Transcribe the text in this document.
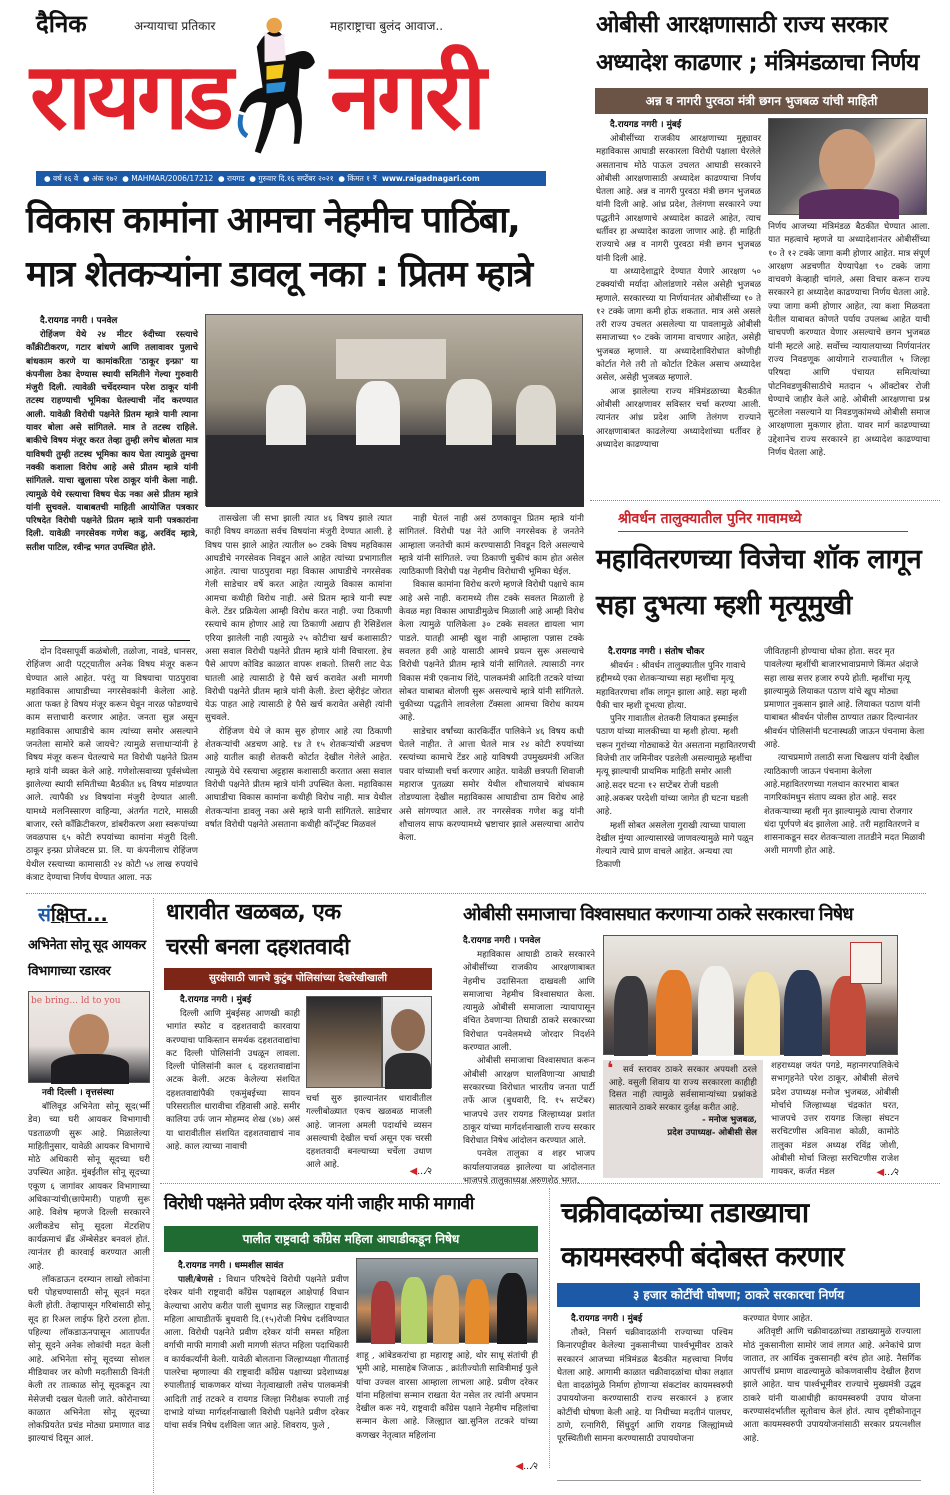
दैनिक	अन्यायाचा प्रतिकार	महाराष्ट्राचा बुलंद आवाज..
रायगड नगरी
● वर्ष १६ वे ● अंक १७२ ● MAHMAR/2006/17212 ● रायगड ● गुरुवार दि.१६ सप्टेंबर २०२१ ● किंमत १ ₹ www.raigadnagari.com
ओबीसी आरक्षणासाठी राज्य सरकार
अध्यादेश काढणार ; मंत्रिमंडळाचा निर्णय
अन्न व नागरी पुरवठा मंत्री छगन भुजबळ यांची माहिती
दै.रायगड नगरी । मुंबई

ओबीसींच्या राजकीय आरक्षणाच्या मुद्द्यावर महाविकास आघाडी सरकारला विरोधी पक्षाला घेरलेले असतानाच मोठे पाऊल उचलत आघाडी सरकारने ओबीसी आरक्षणासाठी अध्यादेश काढण्याचा निर्णय घेतला आहे. अन्न व नागरी पुरवठा मंत्री छगन भुजबळ यांनी दिली आहे. आंध्र प्रदेश, तेलंगणा सरकारने ज्या पद्धतीने आरक्षणाचे अध्यादेश काढले आहेत, त्याच धर्तीवर हा अध्यादेश काढला जाणार आहे. ही माहिती राज्याचे अन्न व नागरी पुरवठा मंत्री छगन भुजबळ यांनी दिली आहे.

या अध्यादेशाद्वारे देण्यात येणारे आरक्षण ५० टक्क्यांची मर्यादा ओलांडणारे नसेल असेही भुजबळ म्हणाले. सरकारच्या या निर्णयानंतर ओबीसींच्या १० ते १२ टक्के जागा कमी होऊ शकतात. मात्र असे असले तरी राज्य उचलत असलेल्या या पावलामुळे ओबीसी समाजाच्या ९० टक्के जागमा वाचणार आहेत, असेही भुजबळ म्हणाले. या अध्यादेशाविरोधात कोणीही कोर्टात गेले तरी तो कोर्टात टिकेल असाच अध्यादेश असेल, असेही भुजबळ म्हणाले.

आज झालेल्या राज्य मंत्रिमंडळाच्या बैठकीत ओबीसी आरक्षणावर सविस्तर चर्चा करण्या आली. त्यानंतर आंध्र प्रदेश आणि तेलंगण राज्याने आरक्षणाबाबत काढलेल्या अध्यादेशांच्या धर्तीवर हे अध्यादेश काढण्याचा

निर्णय आजच्या मंत्रिमंडळ बैठकीत घेण्यात आला. यात महत्वाचे म्हणजे या अध्यादेशानंतर ओबीसींच्या १० ते १२ टक्के जागा कमी होणार आहेत. मात्र संपूर्ण आरक्षण अडचणीत येण्यापेक्षा ९० टक्के जागा वाचवणे केव्हाही चांगले, असा विचार करून राज्य सरकारने हा अध्यादेश काढण्याचा निर्णय घेतला आहे. ज्या जागा कमी होणार आहेत, त्या कशा मिळवता येतील याबाबत कोणते पर्याय उपलब्ध आहेत याची चाचपणी करण्यात येणार असल्याचे छगन भुजबळ यांनी म्हटले आहे. सर्वोच्च न्यायालयाच्या निर्णयानंतर राज्य निवडणूक आयोगाने राज्यातील ५ जिल्हा परिषदा आणि पंचायत समित्यांच्या पोटनिवडणुकीसाठीचे मतदान ५ ऑक्टोबर रोजी घेण्याचे जाहीर केले आहे. ओबीसी आरक्षणाचा प्रश्न सुटलेला नसल्याने या निवडणुकांमध्ये ओबीसी समाज आरक्षणाला मुकणार होता. यावर मार्ग काढण्याच्या उद्देशानेच राज्य सरकारने हा अध्यादेश काढण्याचा निर्णय घेतला आहे.
विकास कामांना आमचा नेहमीच पाठिंबा,
मात्र शेतकऱ्यांना डावलू नका : प्रितम म्हात्रे
दै.रायगड नगरी । पनवेल

रोहिंजण येथे २४ मीटर रुंदीच्या रस्त्याचे काँक्रीटीकरण, गटार बांधणे आणि तलावावर पुलाचे बांधकाम करणे या कामांकरिता 'ठाकूर इन्फ्रा' या कंपनीला ठेका देण्यास स्थायी समितीने गेल्या गुरुवारी मंजुरी दिली. त्यावेळी चर्चेदरम्यान परेश ठाकूर यांनी तटस्थ राहण्याची भूमिका घेतल्याची नोंद करण्यात आली. यावेळी विरोधी पक्षनेते प्रितम म्हात्रे यानी त्याना यावर बोला असे सांगितले. मात्र ते तटस्थ राहिले. बाकीचे विषय मंजूर करत तेव्हा तुम्ही लगेच बोलता मात्र याविषयी तुम्ही तटस्थ भूमिका काय घेता त्यामुळे तुमचा नक्की कशाला विरोध आहे असे प्रीतम म्हात्रे यांनी सांगितले. याचा खुलासा परेश ठाकूर यांनी केला नाही. त्यामुळे येथे रस्त्याचा विषय घेऊ नका असे प्रीतम म्हात्रे यांनी सुचवले. याबाबतची माहिती आयोजित पत्रकार परिषदेत विरोधी पक्षनेते प्रितम म्हात्रे यानी पत्रकारांना दिली. यावेळी नगरसेवक गणेश कडु, अरविंद म्हात्रे, सतीश पाटिल, रवीन्द्र भगत उपस्थित होते.

दोन दिवसापूर्वी कळंबोली, तळोजा, नावडे, धानसर, रोहिंजण आदी पट्ट्यातील अनेक विषय मंजूर करून घेण्यात आले आहेत. परंतु या विषयाचा पाठपुरावा महाविकास आघाडीच्या नगरसेवकांनी केलेला आहे. आता फक्त हे विषय मंजूर करून घेवून नारळ फोडण्याचे काम सत्ताधारी करणार आहेत. जनता सुज्ञ असून महाविकास आघाडीचे काम त्यांच्या समोर असल्याने जनतेला सामोरे कसे जायचे? त्यामुळे सत्ताधाऱ्यांनी हे विषय मंजूर करून घेतल्याचे मत विरोधी पक्षनेते प्रितम म्हात्रे यांनी व्यक्त केले आहे. गणेशोत्सवाच्या पूर्वसंध्येला झालेल्या स्थायी समितीच्या बैठकीत ४६ विषय मांडण्यात आले. त्यापैकी ४४ विषयांना मंजुरी देण्यात आली. यामध्ये मलनिस्सारण वाहिन्या, अंतर्गत गटारे, मासळी बाजार, रस्ते कॉंक्रिटीकरण, डांबरीकरण अशा स्वरूपांच्या जवळपास ६५ कोटी रुपयांच्या कामांना मंजुरी दिली. ठाकूर इन्फ्रा प्रोजेक्टस प्रा. लि. या कंपनीलाच रोहिंजण येथील रस्त्याच्या कामासाठी २४ कोटी ५४ लाख रुपयांचे कंत्राट देण्याचा निर्णय घेण्यात आला. नऊ

तासखेला जी सभा झाली त्यात ४६ विषय झाले त्यात काही विषय वगळता सर्वच विषयांना मंजुरी देण्यात आली. हे विषय पास झाले आहेत त्यातील ७० टक्के विषय महविकास आघडीचे नगरसेवक निवडून आले आहेत त्यांच्या प्रभागातील आहेत. त्याचा पाठपुरावा महा विकास आघाडीचे नगरसेवक गेली साडेचार वर्षे करत आहेत त्यामुळे विकास कामांना आमचा कधीही विरोध नाही. असे प्रितम म्हात्रे यानी स्पष्ट केले. टेंडर प्रक्रियेला आम्ही विरोध करत नाही. ज्या ठिकाणी रस्त्याचे काम होणार आहे त्या ठिकाणी अद्याप ही रेसिडेंशल एरिया झालेली नाही त्यामुळे २५ कोटीचा खर्च कशासाठी? असा सवाल विरोधी पक्षनेते प्रीतम म्हात्रे यांनी विचारला. हेच पैसे आपण कोविड काळात वापरू शकतो. तिसरी लाट येऊ घातली आहे त्यासाठी हे पैसे खर्च करावेत अशी मागणी विरोधी पक्षनेते प्रीतम म्हात्रे यांनी केली. डेल्टा व्हेरीइंट जोरात येऊ पाहत आहे त्यासाठी हे पैसे खर्च करावेत असेही त्यांनी सुचवले.

रोहिंजण येथे जे काम सुरु होणार आहे त्या ठिकाणी शेतकऱ्यांची अडचण आहे. १४ ते १५ शेतकऱ्यांची अडचण आहे यातील काही शेतकरी कोर्टात देखील गेलेले आहेत. त्यामुळे येथे रस्त्याचा अट्टहास कशासाठी करतात असा सवाल विरोधी पक्षनेते प्रीतम म्हात्रे यांनी उपस्थित केला. महाविकास आघाडीचा विकास कामांना कधीही विरोध नाही. मात्र येथील शेतकऱ्यांना डावलु नका असे म्हात्रे यानी सांगितले. साडेचार वर्षात विरोधी पक्षनेते असताना कधीही कॉन्ट्रॅक्ट मिळवलं

नाही घेतलं नाही असं ठणकावून प्रितम म्हात्रे यांनी सांगितलं. विरोधी पक्ष नेते आणि नगरसेवक हे जनतेने आम्हाला जनतेची कामं करण्यासाठी निवडून दिले असल्याचे म्हात्रे यांनी सांगितले. ज्या ठिकाणी चुकीचं काम होत असेल त्याठिकाणी विरोधी पक्ष नेहमीच विरोधाची भूमिका घेईल.

विकास कामांना विरोध करणे म्हणजे विरोधी पक्षाचे काम आहे असे नाही. करामध्ये तीस टक्के सवलत मिळाली हे केवळ महा विकास आघाडीमुळेच मिळाली आहे आम्ही विरोध केला त्यामुळे पालिकेला ३० टक्के सवलत द्यायला भाग पाडले. यातही आम्ही खुश नाही आम्हाला पन्नास टक्के सवलत हवी आहे यासाठी आमचे प्रयत्न सुरू असल्याचे विरोधी पक्षनेते प्रीतम म्हात्रे यांनी सांगितले. त्यासाठी नगर विकास मंत्री एकनाथ शिंदे, पालकमंत्री आदिती तटकरे यांच्या सोबत याबाबत बोलणी सुरू असल्याचे म्हात्रे यांनी सांगितले. चुकीच्या पद्धतीने लावलेला टॅक्सला आमचा विरोध कायम आहे.

साडेचार वर्षांच्या कारकिर्दीत पालिकेने ४६ विषय कधी घेतले नाहीत. ते आत्ता घेतले मात्र २४ कोटी रुपयांच्या रस्त्यांच्या कामाचे टेंडर आहे याविषयी उपमुख्यमंत्री अजित पवार यांच्याशी चर्चा करणार आहेत. यावेळी छत्रपती शिवाजी महाराज पुतळ्या समोर येथील शौचालयाचे बांधकाम तोडण्याला देखील महाविकास आघाडीचा ठाम विरोध आहे असे सांगण्यात आले. तर नगरसेवक गणेश कडु यांनी शौचालय साफ करण्यामध्ये भ्रष्टाचार झाले असल्याचा आरोप केला.

श्रीवर्धन तालुक्यातील पुनिर गावामध्ये
महावितरणच्या विजेचा शॉक लागून
सहा दुभत्या म्हशी मृत्यूमुखी
दै.रायगड नगरी । संतोष चौकर

श्रीवर्धन : श्रीवर्धन तालुक्यातील पुनिर गावाचे हद्दीमध्ये एका शेतकऱ्याच्या सहा म्हशींचा मृत्यू महावितरणचा शॉक लागून झाला आहे. सहा म्हशी पैकी चार म्हशी दूभत्या होत्या.

पुनिर गावातील शेतकरी लियाकत इस्माईल पठाण यांच्या मालकीच्या या म्हशी होत्या. म्हशी चरून गुरांच्या गोठ्याकडे येत असताना महावितरणची विजेची तार जमिनीवर पडलेली असल्यामुळे म्हशींचा मृत्यू झाल्याची प्राथमिक माहिती समोर आली आहे.सदर घटना १२ सप्टेंबर रोजी घडली आहे.अकबर परदेशी यांच्या जागेत ही घटना घडली आहे.

म्हशीं सोबत असलेला गुराखी त्याच्या पायाला देखील मुंग्या आल्यासारखे जाणवल्यामुळे मागे पळून गेल्याने त्याचे प्राण वाचले आहेत. अन्यथा त्या ठिकाणी

जीवितहानी होण्याचा धोका होता. सदर मृत पावलेल्या म्हशींची बाजारभावाप्रमाणे किंमत अंदाजे सहा लाख सत्तर हजार रुपये होती. म्हशींचा मृत्यू झाल्यामुळे लियाकत पठाण यांचे खूप मोठ्या प्रमाणात नुकसान झाले आहे. लियाकत पठाण यांनी याबाबत श्रीवर्धन पोलीस ठाण्यात तक्रार दिल्यानंतर श्रीवर्धन पोलिसांनी घटनास्थळी जाऊन पंचनामा केला आहे.

त्याचप्रमाणे तलाठी सजा चिखलप यांनी देखील त्याठिकाणी जाऊन पंचनामा केलेला आहे.महावितरणच्या गलथान कारभारा बाबत नागरिकांमधुन संताप व्यक्त होत आहे. सदर शेतकऱ्याच्या म्हशी मृत झाल्यामुळे त्याचा रोजगार धंदा पूर्णपणे बंद झालेला आहे. तरी महावितरणने व शासनाकडून सदर शेतकऱ्याला तातडीने मदत मिळावी अशी मागणी होत आहे.

संक्षिप्त...
अभिनेता सोनू सूद आयकर
विभागाच्या रडारवर
be bring... ld to you
नवी दिल्ली । वृत्तसंस्था

बॉलिवूड अभिनेता सोनू सूद(र्भ्मी डेव) च्या घरी आयकर विभागाची पडताळणी सुरू आहे. मिळालेल्या माहितीनुसार, यावेळी आयकर विभागाचे मोठे अधिकारी सोनू सूदच्या घरी उपस्थित आहेत. मुंबईतील सोनू सूदच्या एकूण ६ जागांवर आयकर विभागाच्या अधिकाऱ्यांची(छापेमारी) पाहणी सुरू आहे. विशेष म्हणजे दिल्ली सरकारने अलीकडेच सोनू सूदला मेंटरशिप कार्यक्रमाचं ब्रँड ॲम्बेसेडर बनवलं होतं. त्यानंतर ही कारवाई करण्यात आली आहे.

लॉकडाऊन दरम्यान लाखो लोकांना घरी पोहचण्यासाठी सोनू सूदनं मदत केली होती. तेव्हापासून गरिबांसाठी सोनू सूद हा रिअल लाईफ हिरो ठरला होता. पहिल्या लॉकडाऊनपासून आतापर्यंत सोनू सूदने अनेक लोकांची मदत केली आहे. अभिनेता सोनू सूदच्या सोशल मीडियावर जर कोणी मदतीसाठी विनंती केली तर तात्काळ सोनू सूदकडून त्या मेसेजची दखल घेतली जाते. कोरोनाच्या काळात अभिनेता सोनू सूदच्या लोकप्रियतेत प्रचंड मोठ्या प्रमाणात वाढ झाल्याचं दिसून आलं.

धारावीत खळबळ, एक
चरसी बनला दहशतवादी
सुरक्षेसाठी जानचे कुटुंब पोलिसांच्या देखरेखीखाली
दै.रायगड नगरी । मुंबई

दिल्ली आणि मुंबईसह आणखी काही भागांत स्फोट व दहशतवादी कारवाया करण्याचा पाकिस्तान समर्थक दहशतवाद्यांचा कट दिल्ली पोलिसांनी उधळून लावला. दिल्ली पोलिसांनी काल ६ दहशतवाद्यांना अटक केली. अटक केलेल्या संशयित दहशतवाद्यांपैकी एकमुंबईच्या सायन परिसरातील धारावीचा रहिवासी आहे. समीर कालिया उर्फ जान मोहम्मद शेख (४७) असं या धारावीतील संशयित दहशतवाद्याचं नाव आहे. काल त्याच्या नावाची

चर्चा सुरु झाल्यानंतर धारावीतील गल्लीबोळ्यात एकच खळबळ माजली आहे. जानला अमली पदार्थाचे व्यसन असल्याची देखील चर्चा असून एक चरसी दहशतवादी बनल्याच्या चर्चेला उधाण आले आहे.

◀...⁄२
ओबीसी समाजाचा विश्वासघात करणाऱ्या ठाकरे सरकारचा निषेध
दै.रायगड नगरी । पनवेल

महाविकास आघाडी ठाकरे सरकारने ओबीसींच्या राजकीय आरक्षणाबाबत नेहमीच उदासिनता दाखवली आणि समाजाचा नेहमीच विश्वासघात केला. त्यामुळे ओबीसी समाजाला न्यायापासून वंचित ठेवणाऱ्या तिघाडी ठाकरे सरकारच्या विरोधात पनवेलमध्ये जोरदार निदर्शने करण्यात आली.

ओबीसी समाजाचा विश्वासघात करून ओबीसी आरक्षण घालविणाऱ्या आघाडी सरकारच्या विरोधात भारतीय जनता पार्टी तर्फे आज (बुधवारी, दि. १५ सप्टेंबर) भाजपचे उत्तर रायगड जिल्हाध्यक्ष प्रशांत ठाकूर यांच्या मार्गदर्शनाखाली राज्य सरकार विरोधात निषेध आंदोलन करण्यात आले.

पनवेल तालुका व शहर भाजप कार्यालयाजवळ झालेल्या या आंदोलनात भाजपचे तालुकाध्यक्ष अरुणशेठ भगत,

❛	सर्व स्तरावर ठाकरे सरकार अपयशी ठरले आहे. वसुली शिवाय या राज्य सरकारला काहीही दिसत नाही त्यामुळे सर्वसामान्यांच्या प्रश्नांकडे सातत्याने ठाकरे सरकार दुर्लक्ष करीत आहे.
- मनोज भुजबळ,
प्रदेश उपाध्यक्ष- ओबीसी सेल

शहराध्यक्ष जयंत पगडे, महानगरपालिकेचे सभागृहनेते परेश ठाकूर, ओबीसी सेलचे प्रदेश उपाध्यक्ष मनोज भुजबळ, ओबीसी मोर्चाचे जिल्हाध्यक्ष चंद्रकांत घरत, भाजपचे उत्तर रायगड जिल्हा संघटन सरचिटणीस अविनाश कोळी, कामोठे तालुका मंडल अध्यक्ष रविंद्र जोशी, ओबीसी मोर्चा जिल्हा सरचिटणीस राजेश गायकर, कर्जत मंडल	◀...⁄२
विरोधी पक्षनेते प्रवीण दरेकर यांनी जाहीर माफी मागावी
पालीत राष्ट्रवादी कॉंग्रेस महिला आघाडीकडून निषेध
दै.रायगड नगरी । धम्मशील सावंत

पाली/बेणसे : विधान परिषदेचे विरोधी पक्षनेते प्रवीण दरेकर यांनी राष्ट्रवादी कॉंग्रेस पक्षाबद्दल आक्षेपार्ह विधान केल्याचा आरोप करीत पाली सुधागड सह जिल्ह्यात राष्ट्रवादी महिला आघाडीतर्फे बुधवारी दि.(१५)रोजी निषेध दर्शविण्यात आला. विरोधी पक्षनेते प्रवीण दरेकर यांनी समस्त महिला वर्गाची माफी मागावी अशी मागणी संतप्त महिला पदाधिकारी व कार्यकर्त्यांनी केली. यावेळी बोलताना जिल्हाध्यक्षा गीताताई पालरेचा म्हणाल्या की राष्ट्रवादी कॉंग्रेस पक्षाच्या प्रदेशाध्यक्ष रुपालीताई चाकणकर यांच्या नेतृत्वाखाली तसेच पालकमंत्री आदिती ताई तटकरे व रायगड जिल्हा निरीक्षक रुपाली ताई दाभाडे यांच्या मार्गदर्शनाखाली विरोधी पक्षनेते प्रवीण दरेकर यांचा सर्वत्र निषेध दर्शविला जात आहे. शिवराय, फुले ,

शाहू , आंबेडकरांचा हा महाराष्ट्र आहे, थोर साधू संतांची ही भूमी आहे, मासाहेब जिजाऊ , क्रांतीज्योती सावित्रीमाई फुले यांचा उज्वल वारसा आम्हाला लाभला आहे. प्रवीण दरेकर यांना महिलांचा सन्मान राखता येत नसेल तर त्यांनी अपमान देखील करू नये, राष्ट्रवादी कॉंग्रेस पक्षाने नेहमीच महिलांचा सन्मान केला आहे. जिल्ह्यात खा.सुनिल तटकरे यांच्या कणखर नेतृत्वात महिलांना

◀...⁄२
चक्रीवादळांच्या तडाख्याचा
कायमस्वरुपी बंदोबस्त करणार
३ हजार कोटींची घोषणा; ठाकरे सरकारचा निर्णय
दै.रायगड नगरी । मुंबई

तौक्ते, निसर्ग चक्रीवादळांनी राज्याच्या पश्चिम किनारपट्टीवर केलेल्या नुकसानीच्या पार्श्वभूमीवर ठाकरे सरकारनं आजच्या मंत्रिमंडळ बैठकीत महत्त्वाचा निर्णय घेतला आहे. आगामी काळात चक्रीवादळांचा धोका लक्षात घेता वादळांमुळे निर्माण होणाऱ्या संकटांवर कायमस्वरुपी उपाययोजना करण्यासाठी राज्य सरकारनं ३ हजार कोटींची घोषणा केली आहे. या निधीच्या मदतीनं पालघर, ठाणे, रत्नागिरी, सिंधुदुर्ग आणि रायगड जिल्ह्यांमध्ये पूरस्थितीशी सामना करण्यासाठी उपाययोजना

करण्यात येणार आहेत.

अतिवृष्टी आणि चक्रीवादळांच्या तडाख्यामुळे राज्याला मोठं नुकसानीला सामोरं जावं लागत आहे. अनेकांचे प्राण जातात, तर आर्थिक नुकसानही बरंच होत आहे. नैसर्गिक आपत्तींचं प्रमाण वाढल्यामुळे कोकणवासीय देखील हैराण झाले आहेत. याच पार्श्वभूमीवर राज्याचे मुख्यमंत्री उद्धव ठाकरे यांनी याआधीही कायमस्वरुपी उपाय योजना करण्यासंदर्भातील सूतोवाच केलं होतं. त्याच दृष्टीकोनातून आता कायमस्वरुपी उपाययोजनांसाठी सरकार प्रयत्नशील आहे.
